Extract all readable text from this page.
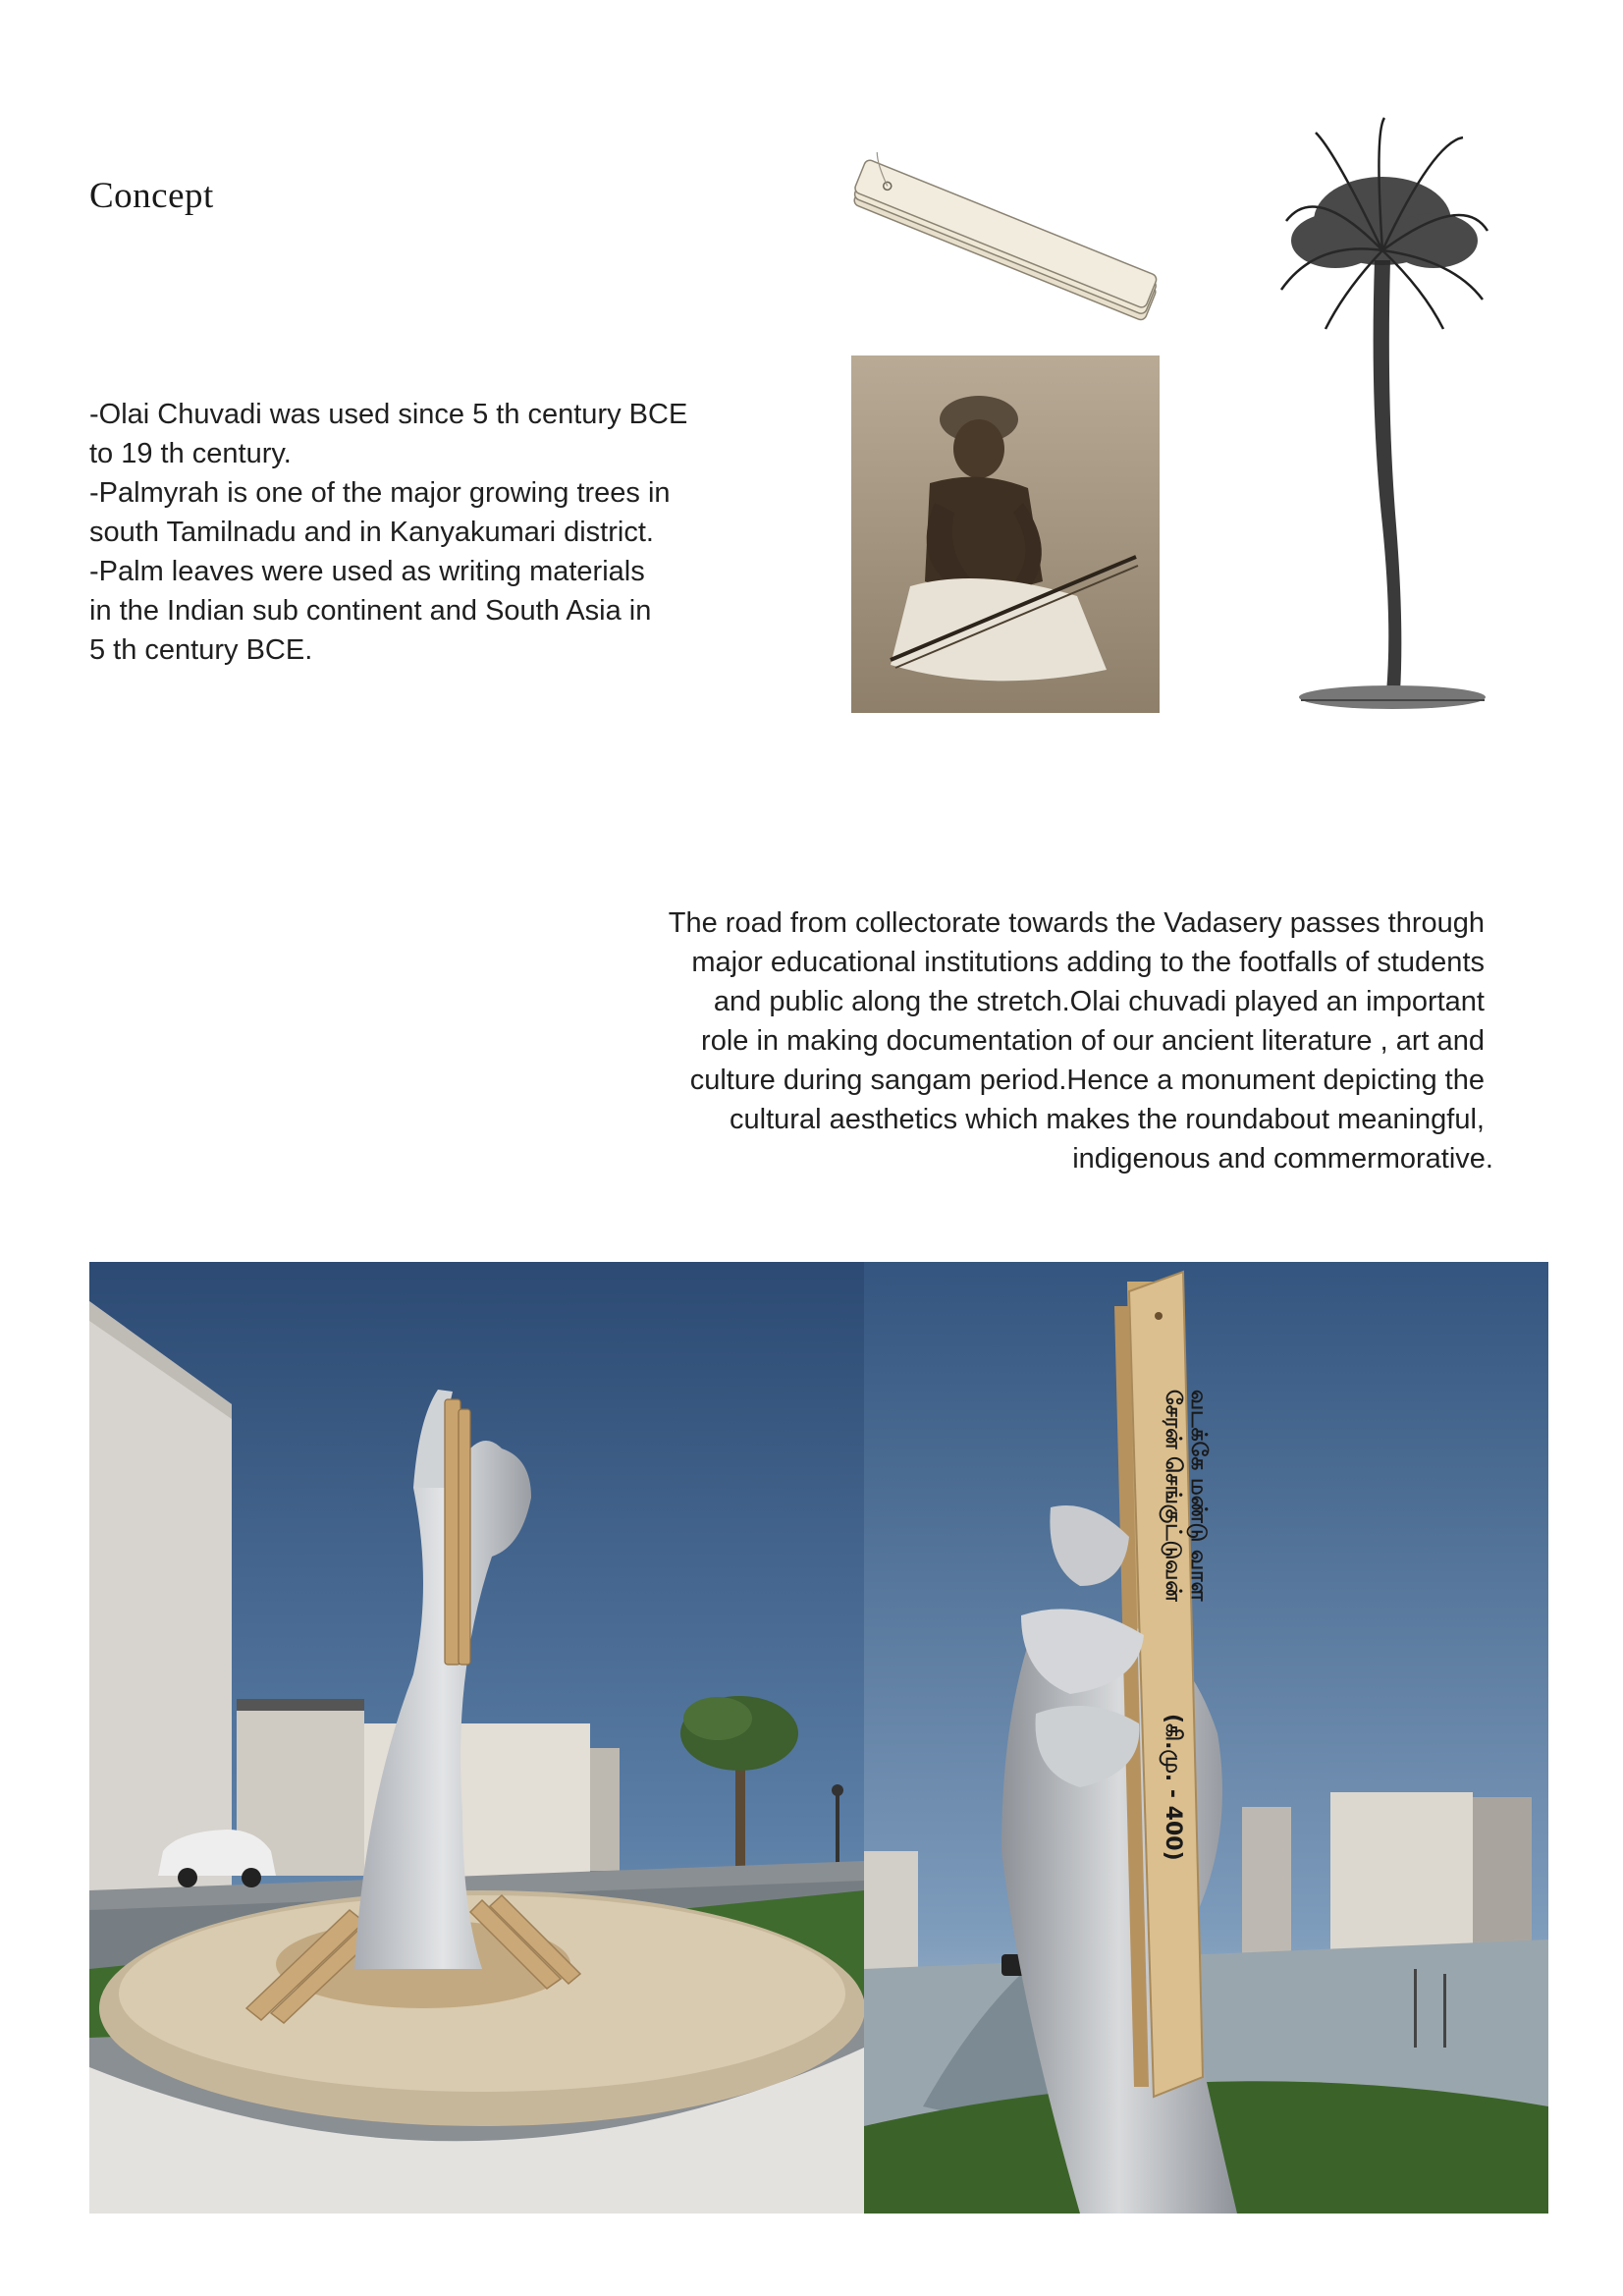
Concept
-Olai Chuvadi was used since 5 th century BCE
to 19 th century.
-Palmyrah is one of the major growing trees in
south Tamilnadu and in Kanyakumari district.
-Palm leaves were used as writing materials
in the Indian sub continent and South Asia in
5 th century BCE.
The road from collectorate towards the Vadasery passes through
major educational institutions adding to the footfalls of students
and public along the stretch.Olai chuvadi played an important
role in making documentation of our ancient literature , art and
culture during sangam period.Hence a monument depicting the
cultural aesthetics which makes the roundabout meaningful,
indigenous and commermorative.
சேரன் செங்குட்டுவன் வடக்கே மண்டு வாள
(கி.மு. - 400)
